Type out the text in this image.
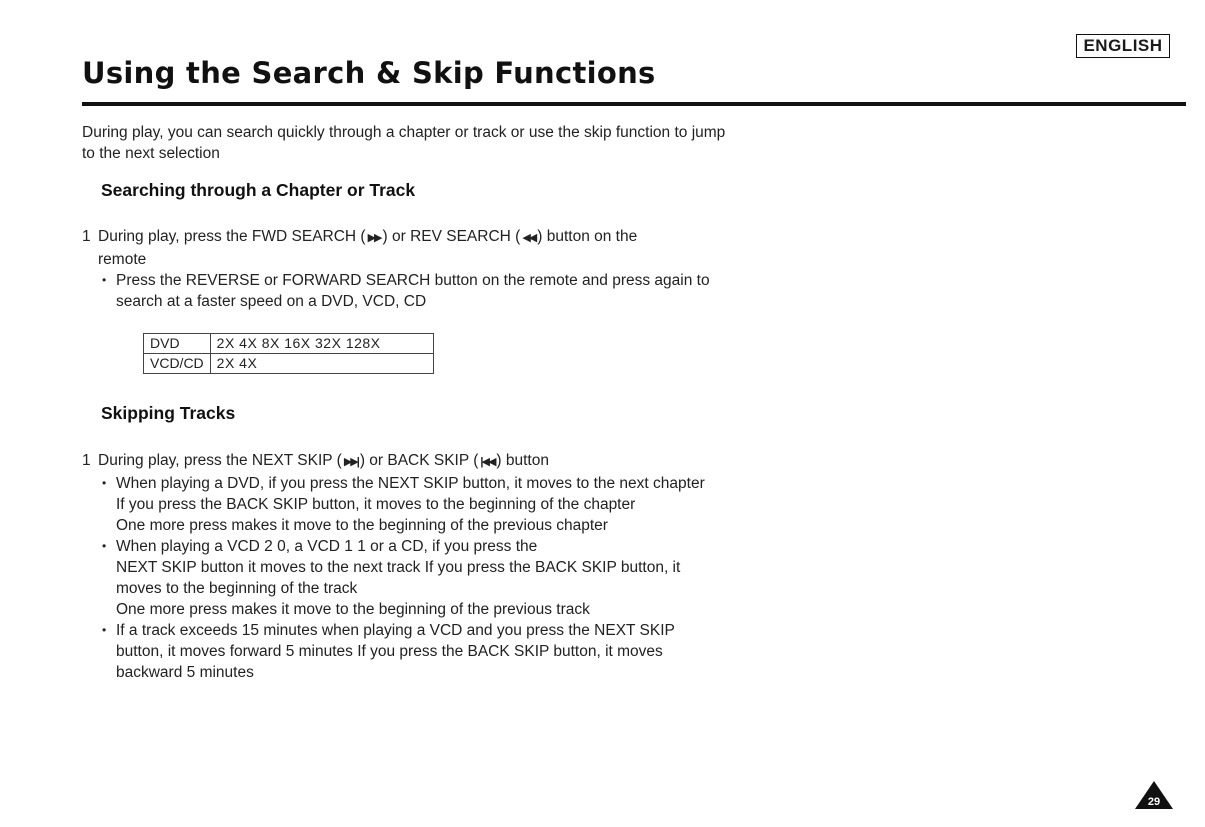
ENGLISH
Using the Search & Skip Functions
During play, you can search quickly through a chapter or track or use the skip function to jump
to the next selection
Searching through a Chapter or Track
1 During play, press the FWD SEARCH ( ▶▶ ) or REV SEARCH ( ◀◀ ) button on the
remote
• Press the REVERSE or FORWARD SEARCH button on the remote and press again to
search at a faster speed on a DVD, VCD, CD
DVD	2X 4X 8X 16X 32X 128X
VCD/CD	2X 4X
Skipping Tracks
1 During play, press the NEXT SKIP ( ▶▶| ) or BACK SKIP ( |◀◀ ) button
• When playing a DVD, if you press the NEXT SKIP button, it moves to the next chapter
If you press the BACK SKIP button, it moves to the beginning of the chapter
One more press makes it move to the beginning of the previous chapter
• When playing a VCD 2 0, a VCD 1 1 or a CD, if you press the
NEXT SKIP button it moves to the next track If you press the BACK SKIP button, it
moves to the beginning of the track
One more press makes it move to the beginning of the previous track
• If a track exceeds 15 minutes when playing a VCD and you press the NEXT SKIP
button, it moves forward 5 minutes If you press the BACK SKIP button, it moves
backward 5 minutes
29
